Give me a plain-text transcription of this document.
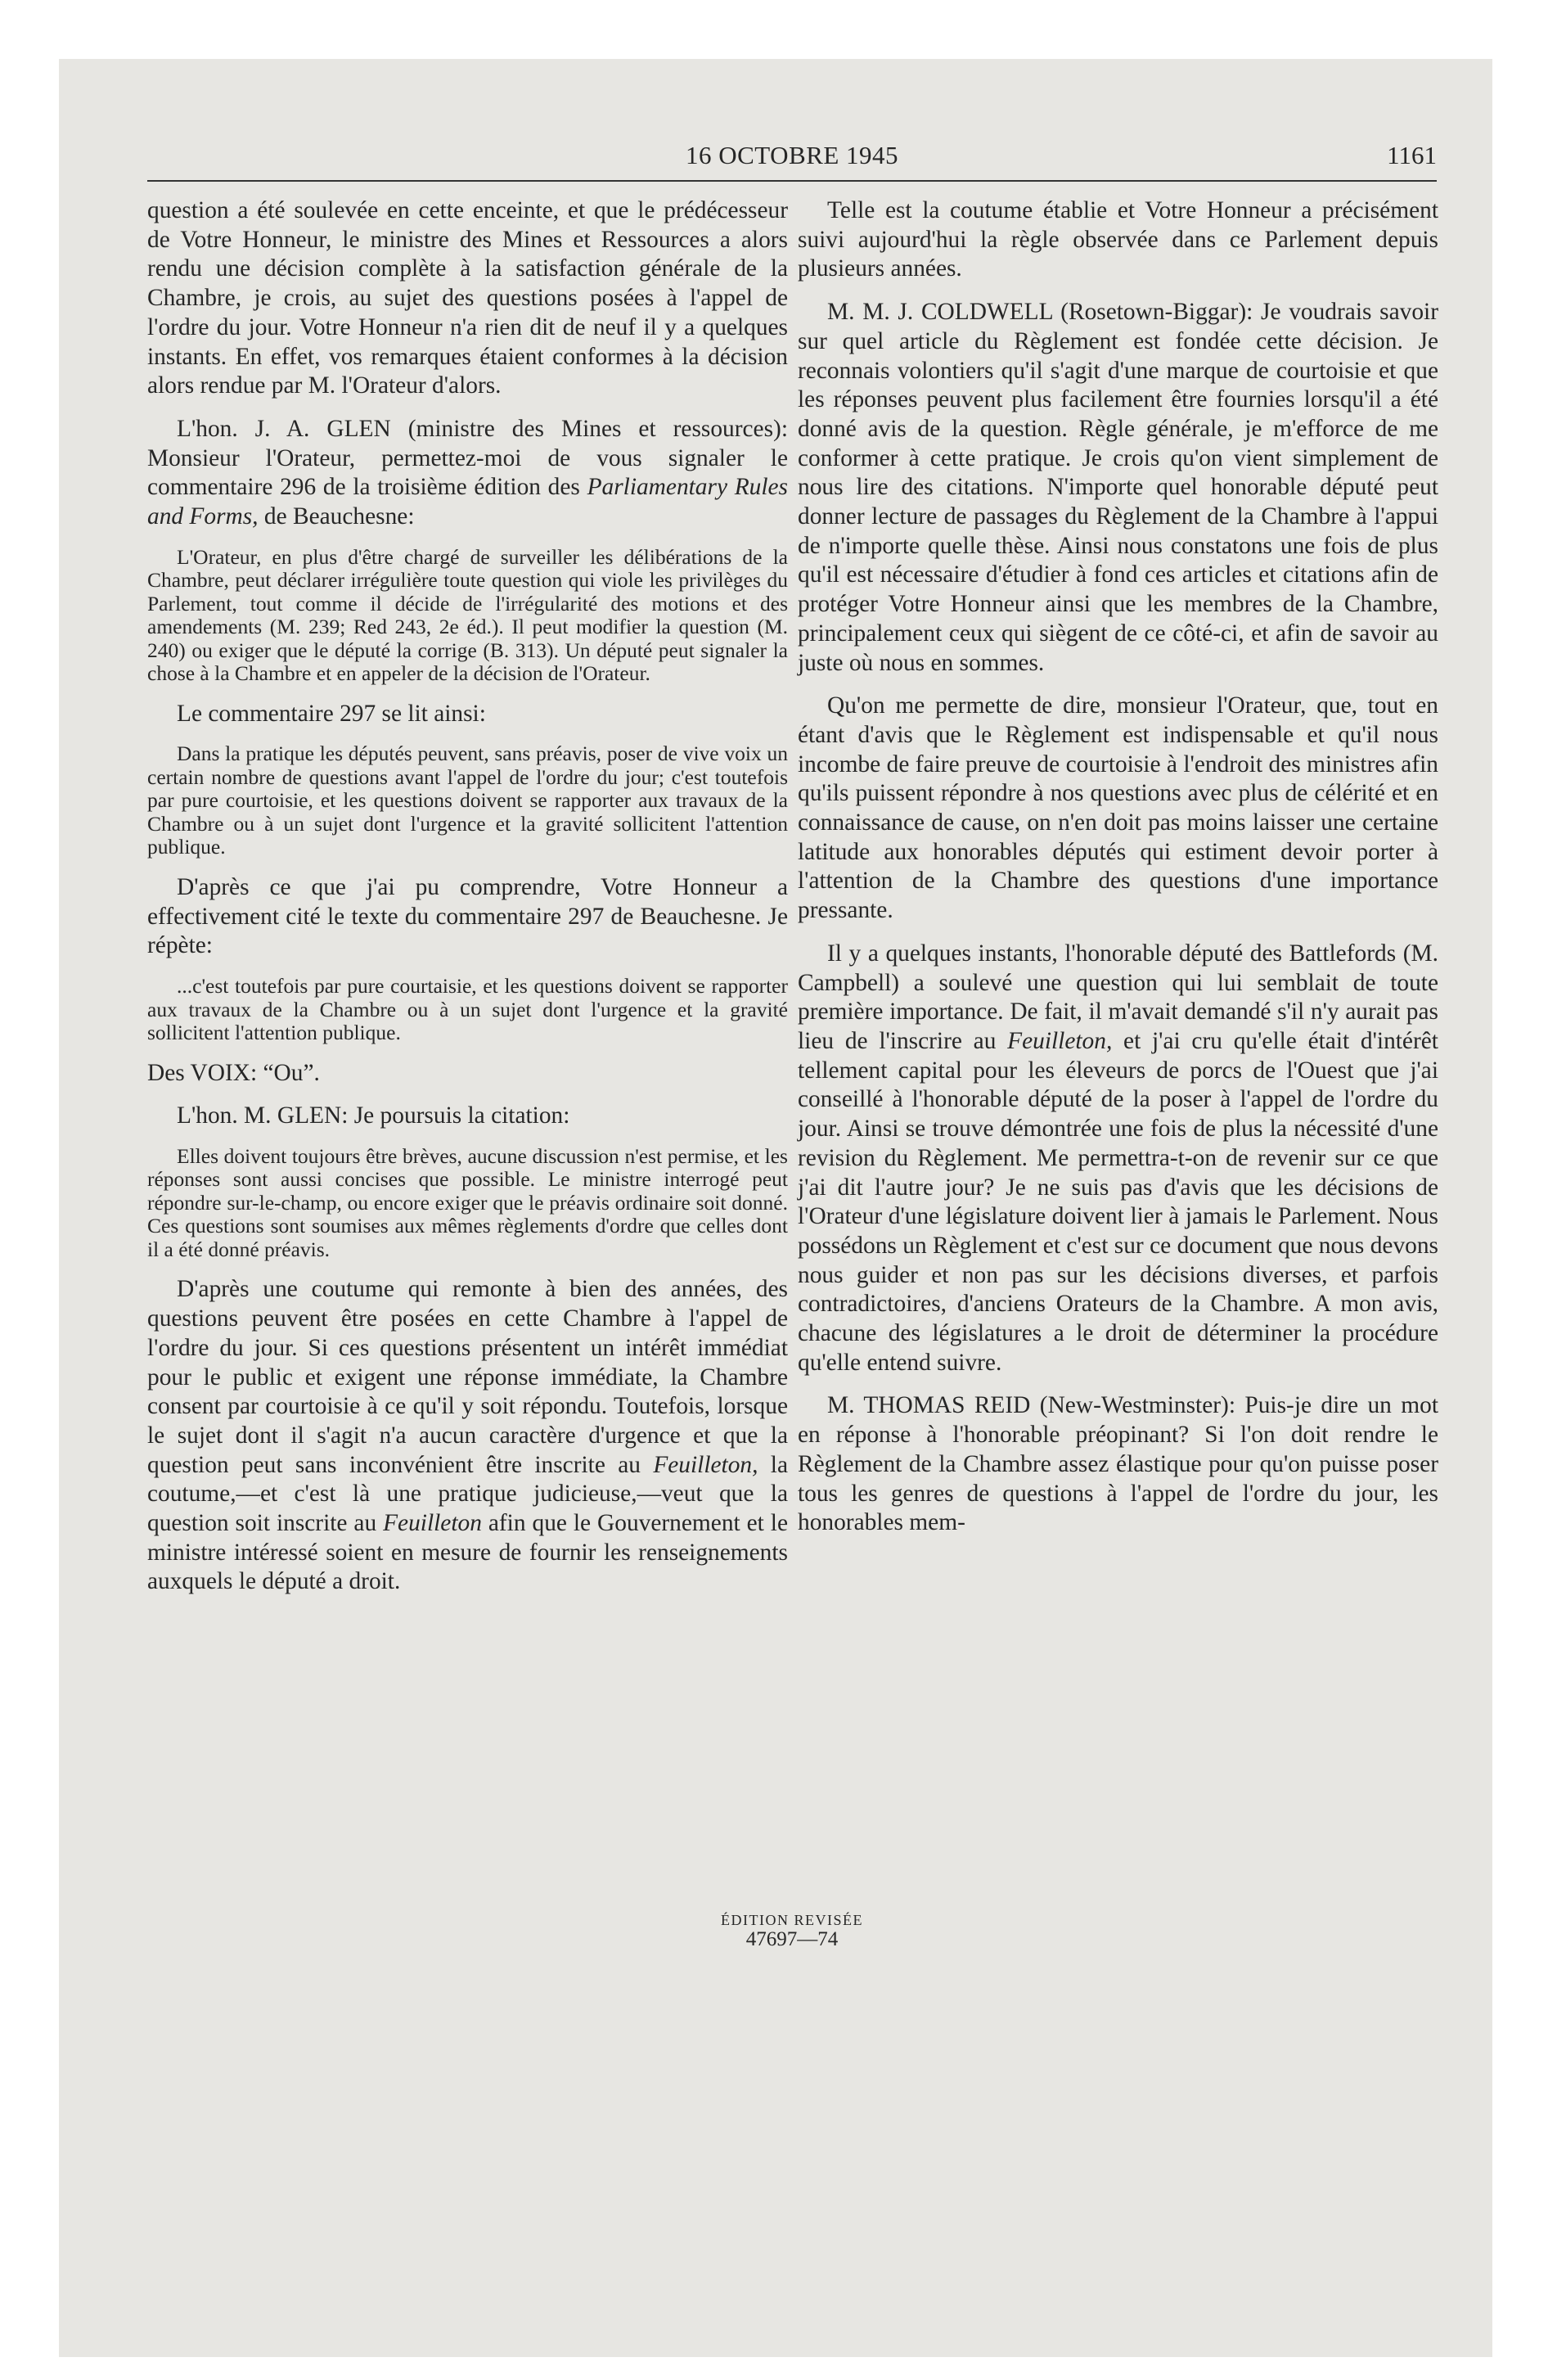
16 OCTOBRE 1945	1161

question a été soulevée en cette enceinte, et que le prédécesseur de Votre Honneur, le ministre des Mines et Ressources a alors rendu une décision complète à la satisfaction générale de la Chambre, je crois, au sujet des questions posées à l'appel de l'ordre du jour. Votre Honneur n'a rien dit de neuf il y a quelques instants. En effet, vos remarques étaient conformes à la décision alors rendue par M. l'Orateur d'alors.

L'hon. J. A. GLEN (ministre des Mines et ressources): Monsieur l'Orateur, permettez-moi de vous signaler le commentaire 296 de la troisième édition des Parliamentary Rules and Forms, de Beauchesne:

L'Orateur, en plus d'être chargé de surveiller les délibérations de la Chambre, peut déclarer irrégulière toute question qui viole les privilèges du Parlement, tout comme il décide de l'irrégularité des motions et des amendements (M. 239; Red 243, 2e éd.). Il peut modifier la question (M. 240) ou exiger que le député la corrige (B. 313). Un député peut signaler la chose à la Chambre et en appeler de la décision de l'Orateur.

Le commentaire 297 se lit ainsi:

Dans la pratique les députés peuvent, sans préavis, poser de vive voix un certain nombre de questions avant l'appel de l'ordre du jour; c'est toutefois par pure courtoisie, et les questions doivent se rapporter aux travaux de la Chambre ou à un sujet dont l'urgence et la gravité sollicitent l'attention publique.

D'après ce que j'ai pu comprendre, Votre Honneur a effectivement cité le texte du commentaire 297 de Beauchesne. Je répète:

...c'est toutefois par pure courtaisie, et les questions doivent se rapporter aux travaux de la Chambre ou à un sujet dont l'urgence et la gravité sollicitent l'attention publique.

Des VOIX: “Ou”.

L'hon. M. GLEN: Je poursuis la citation:

Elles doivent toujours être brèves, aucune discussion n'est permise, et les réponses sont aussi concises que possible. Le ministre interrogé peut répondre sur-le-champ, ou encore exiger que le préavis ordinaire soit donné. Ces questions sont soumises aux mêmes règlements d'ordre que celles dont il a été donné préavis.

D'après une coutume qui remonte à bien des années, des questions peuvent être posées en cette Chambre à l'appel de l'ordre du jour. Si ces questions présentent un intérêt immédiat pour le public et exigent une réponse immédiate, la Chambre consent par courtoisie à ce qu'il y soit répondu. Toutefois, lorsque le sujet dont il s'agit n'a aucun caractère d'urgence et que la question peut sans inconvénient être inscrite au Feuilleton, la coutume,—et c'est là une pratique judicieuse,—veut que la question soit inscrite au Feuilleton afin que le Gouvernement et le ministre intéressé soient en mesure de fournir les renseignements auxquels le député a droit.

Telle est la coutume établie et Votre Honneur a précisément suivi aujourd'hui la règle observée dans ce Parlement depuis plusieurs années.

M. M. J. COLDWELL (Rosetown-Biggar): Je voudrais savoir sur quel article du Règlement est fondée cette décision. Je reconnais volontiers qu'il s'agit d'une marque de courtoisie et que les réponses peuvent plus facilement être fournies lorsqu'il a été donné avis de la question. Règle générale, je m'efforce de me conformer à cette pratique. Je crois qu'on vient simplement de nous lire des citations. N'importe quel honorable député peut donner lecture de passages du Règlement de la Chambre à l'appui de n'importe quelle thèse. Ainsi nous constatons une fois de plus qu'il est nécessaire d'étudier à fond ces articles et citations afin de protéger Votre Honneur ainsi que les membres de la Chambre, principalement ceux qui siègent de ce côté-ci, et afin de savoir au juste où nous en sommes.

Qu'on me permette de dire, monsieur l'Orateur, que, tout en étant d'avis que le Règlement est indispensable et qu'il nous incombe de faire preuve de courtoisie à l'endroit des ministres afin qu'ils puissent répondre à nos questions avec plus de célérité et en connaissance de cause, on n'en doit pas moins laisser une certaine latitude aux honorables députés qui estiment devoir porter à l'attention de la Chambre des questions d'une importance pressante.

Il y a quelques instants, l'honorable député des Battlefords (M. Campbell) a soulevé une question qui lui semblait de toute première importance. De fait, il m'avait demandé s'il n'y aurait pas lieu de l'inscrire au Feuilleton, et j'ai cru qu'elle était d'intérêt tellement capital pour les éleveurs de porcs de l'Ouest que j'ai conseillé à l'honorable député de la poser à l'appel de l'ordre du jour. Ainsi se trouve démontrée une fois de plus la nécessité d'une revision du Règlement. Me permettra-t-on de revenir sur ce que j'ai dit l'autre jour? Je ne suis pas d'avis que les décisions de l'Orateur d'une législature doivent lier à jamais le Parlement. Nous possédons un Règlement et c'est sur ce document que nous devons nous guider et non pas sur les décisions diverses, et parfois contradictoires, d'anciens Orateurs de la Chambre. A mon avis, chacune des législatures a le droit de déterminer la procédure qu'elle entend suivre.

M. THOMAS REID (New-Westminster): Puis-je dire un mot en réponse à l'honorable préopinant? Si l'on doit rendre le Règlement de la Chambre assez élastique pour qu'on puisse poser tous les genres de questions à l'appel de l'ordre du jour, les honorables mem-

ÉDITION REVISÉE
47697—74
